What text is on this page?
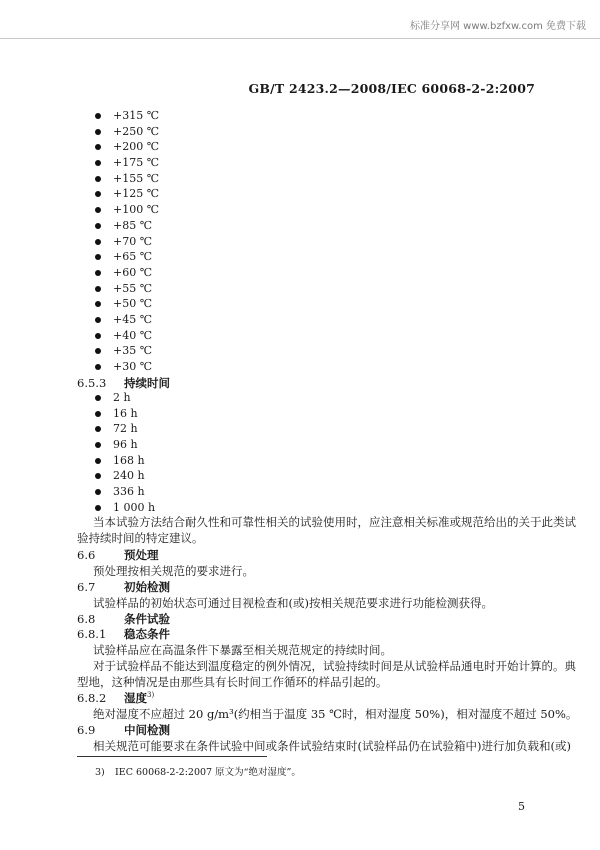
标准分享网 www.bzfxw.com 免费下载
GB/T 2423.2—2008/IEC 60068-2-2:2007
+315 ℃
+250 ℃
+200 ℃
+175 ℃
+155 ℃
+125 ℃
+100 ℃
+85 ℃
+70 ℃
+65 ℃
+60 ℃
+55 ℃
+50 ℃
+45 ℃
+40 ℃
+35 ℃
+30 ℃
6.5.3 持续时间
2 h
16 h
72 h
96 h
168 h
240 h
336 h
1 000 h
当本试验方法结合耐久性和可靠性相关的试验使用时，应注意相关标准或规范给出的关于此类试
验持续时间的特定建议。
6.6 预处理
预处理按相关规范的要求进行。
6.7 初始检测
试验样品的初始状态可通过目视检查和(或)按相关规范要求进行功能检测获得。
6.8 条件试验
6.8.1 稳态条件
试验样品应在高温条件下暴露至相关规范规定的持续时间。
对于试验样品不能达到温度稳定的例外情况，试验持续时间是从试验样品通电时开始计算的。典
型地，这种情况是由那些具有长时间工作循环的样品引起的。
6.8.2 湿度$^{3)}$
绝对湿度不应超过 20 g/m³(约相当于温度 35 ℃时，相对湿度 50%)，相对湿度不超过 50%。
6.9 中间检测
相关规范可能要求在条件试验中间或条件试验结束时(试验样品仍在试验箱中)进行加负载和(或)
3) IEC 60068-2-2:2007 原文为“绝对湿度”。
5
